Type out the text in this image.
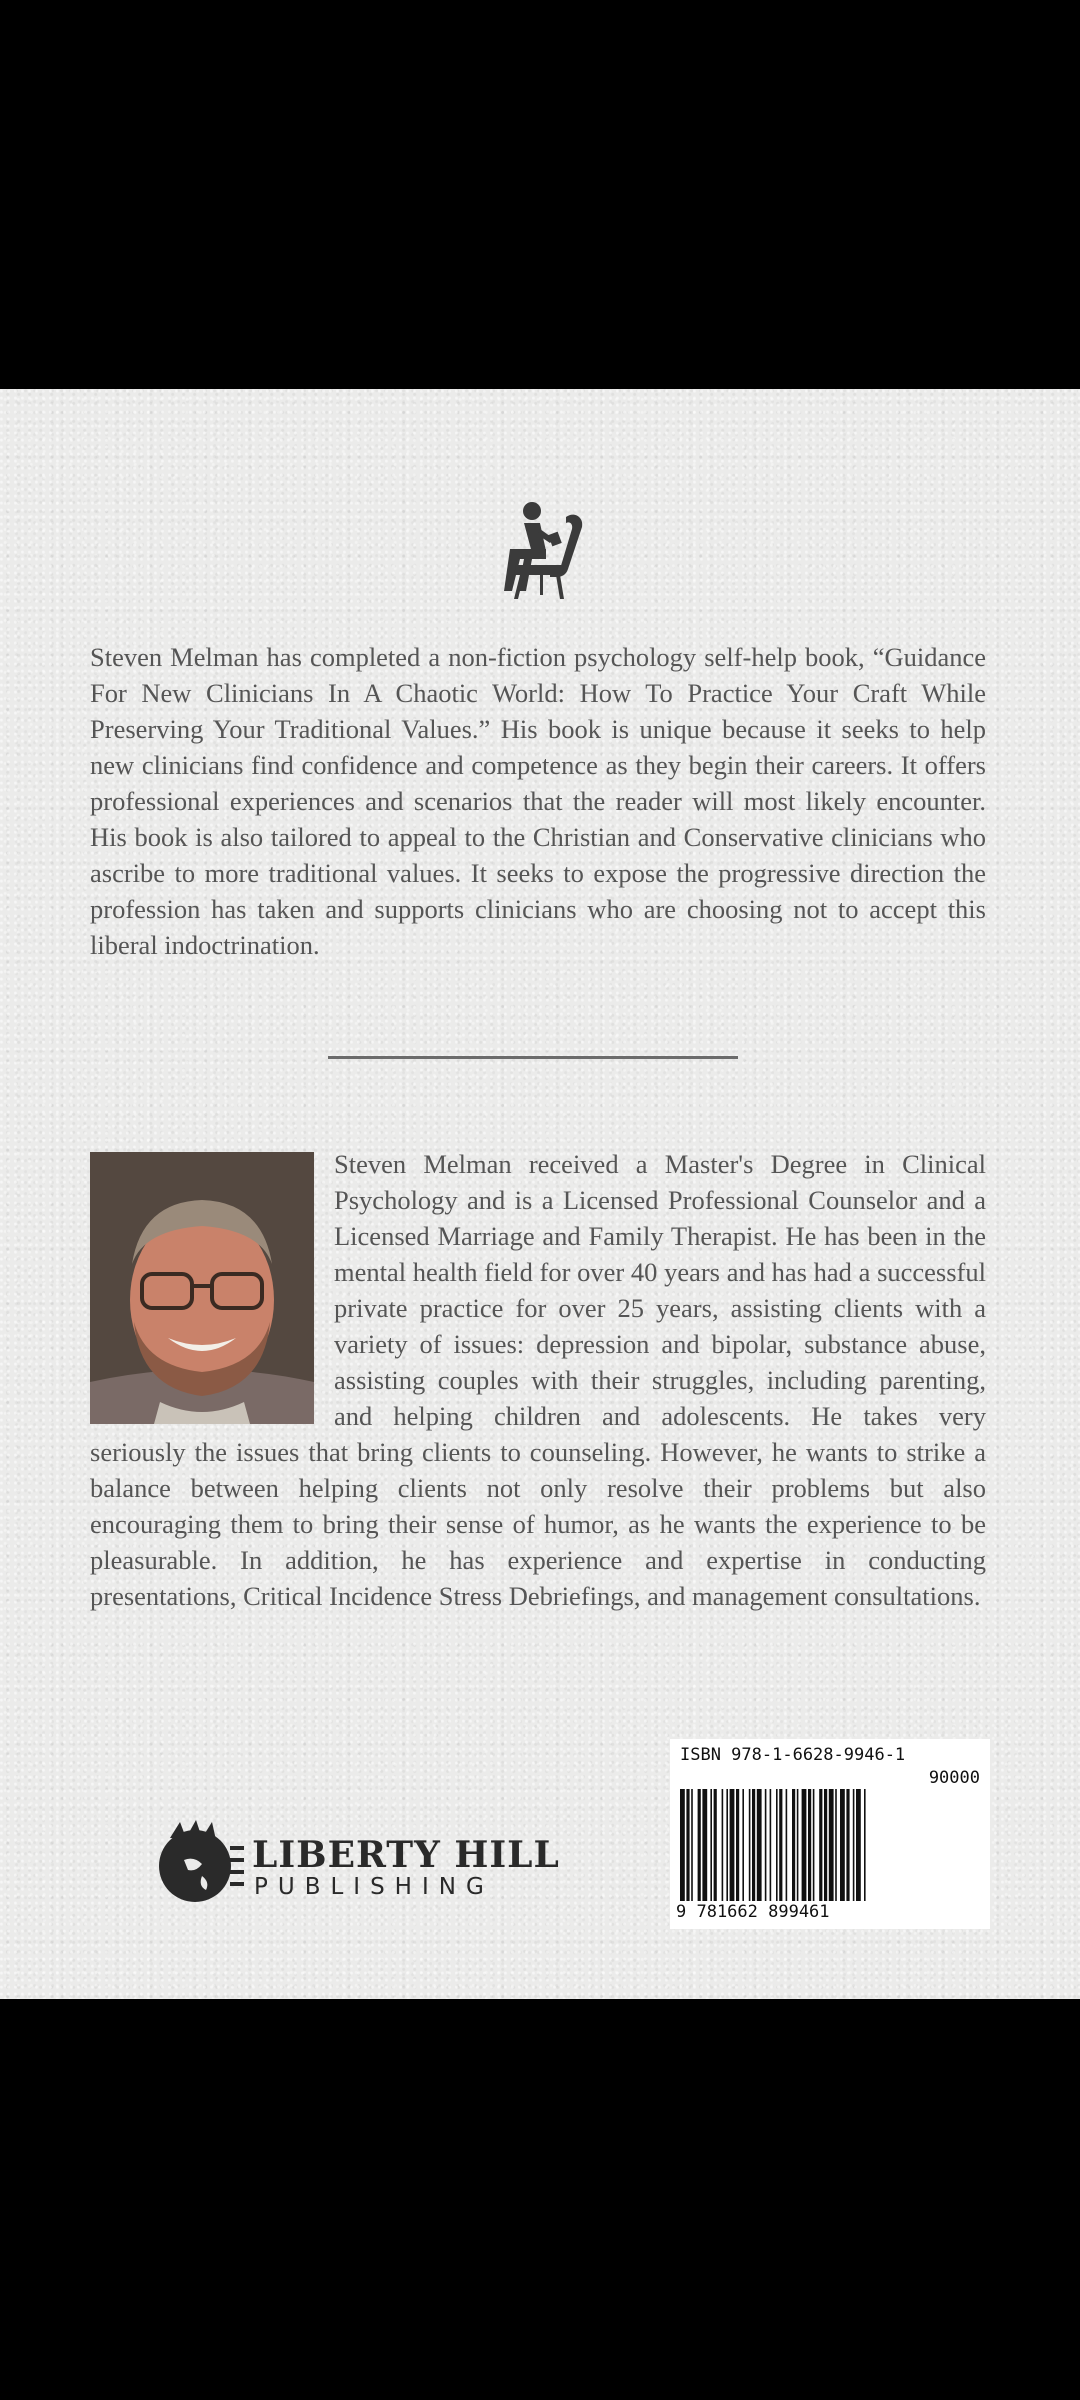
Steven Melman has completed a non-fiction psychology self-help book, “Guidance For New Clinicians In A Chaotic World: How To Practice Your Craft While Preserving Your Traditional Values.” His book is unique because it seeks to help new clinicians find confidence and competence as they begin their careers. It offers professional experiences and scenarios that the reader will most likely encounter. His book is also tailored to appeal to the Christian and Conservative clinicians who ascribe to more traditional values. It seeks to expose the progressive direction the profession has taken and supports clinicians who are choosing not to accept this liberal indoctrination.
Steven Melman received a Master's Degree in Clinical Psychology and is a Licensed Professional Counselor and a Licensed Marriage and Family Therapist. He has been in the mental health field for over 40 years and has had a successful private practice for over 25 years, assisting clients with a variety of issues: depression and bipolar, substance abuse, assisting couples with their struggles, including parenting, and helping children and adolescents. He takes very seriously the issues that bring clients to counseling. However, he wants to strike a balance between helping clients not only resolve their problems but also encouraging them to bring their sense of humor, as he wants the experience to be pleasurable. In addition, he has experience and expertise in conducting presentations, Critical Incidence Stress Debriefings, and management consultations.
LIBERTY HILL
PUBLISHING
ISBN 978-1-6628-9946-1
90000
9 781662 899461
